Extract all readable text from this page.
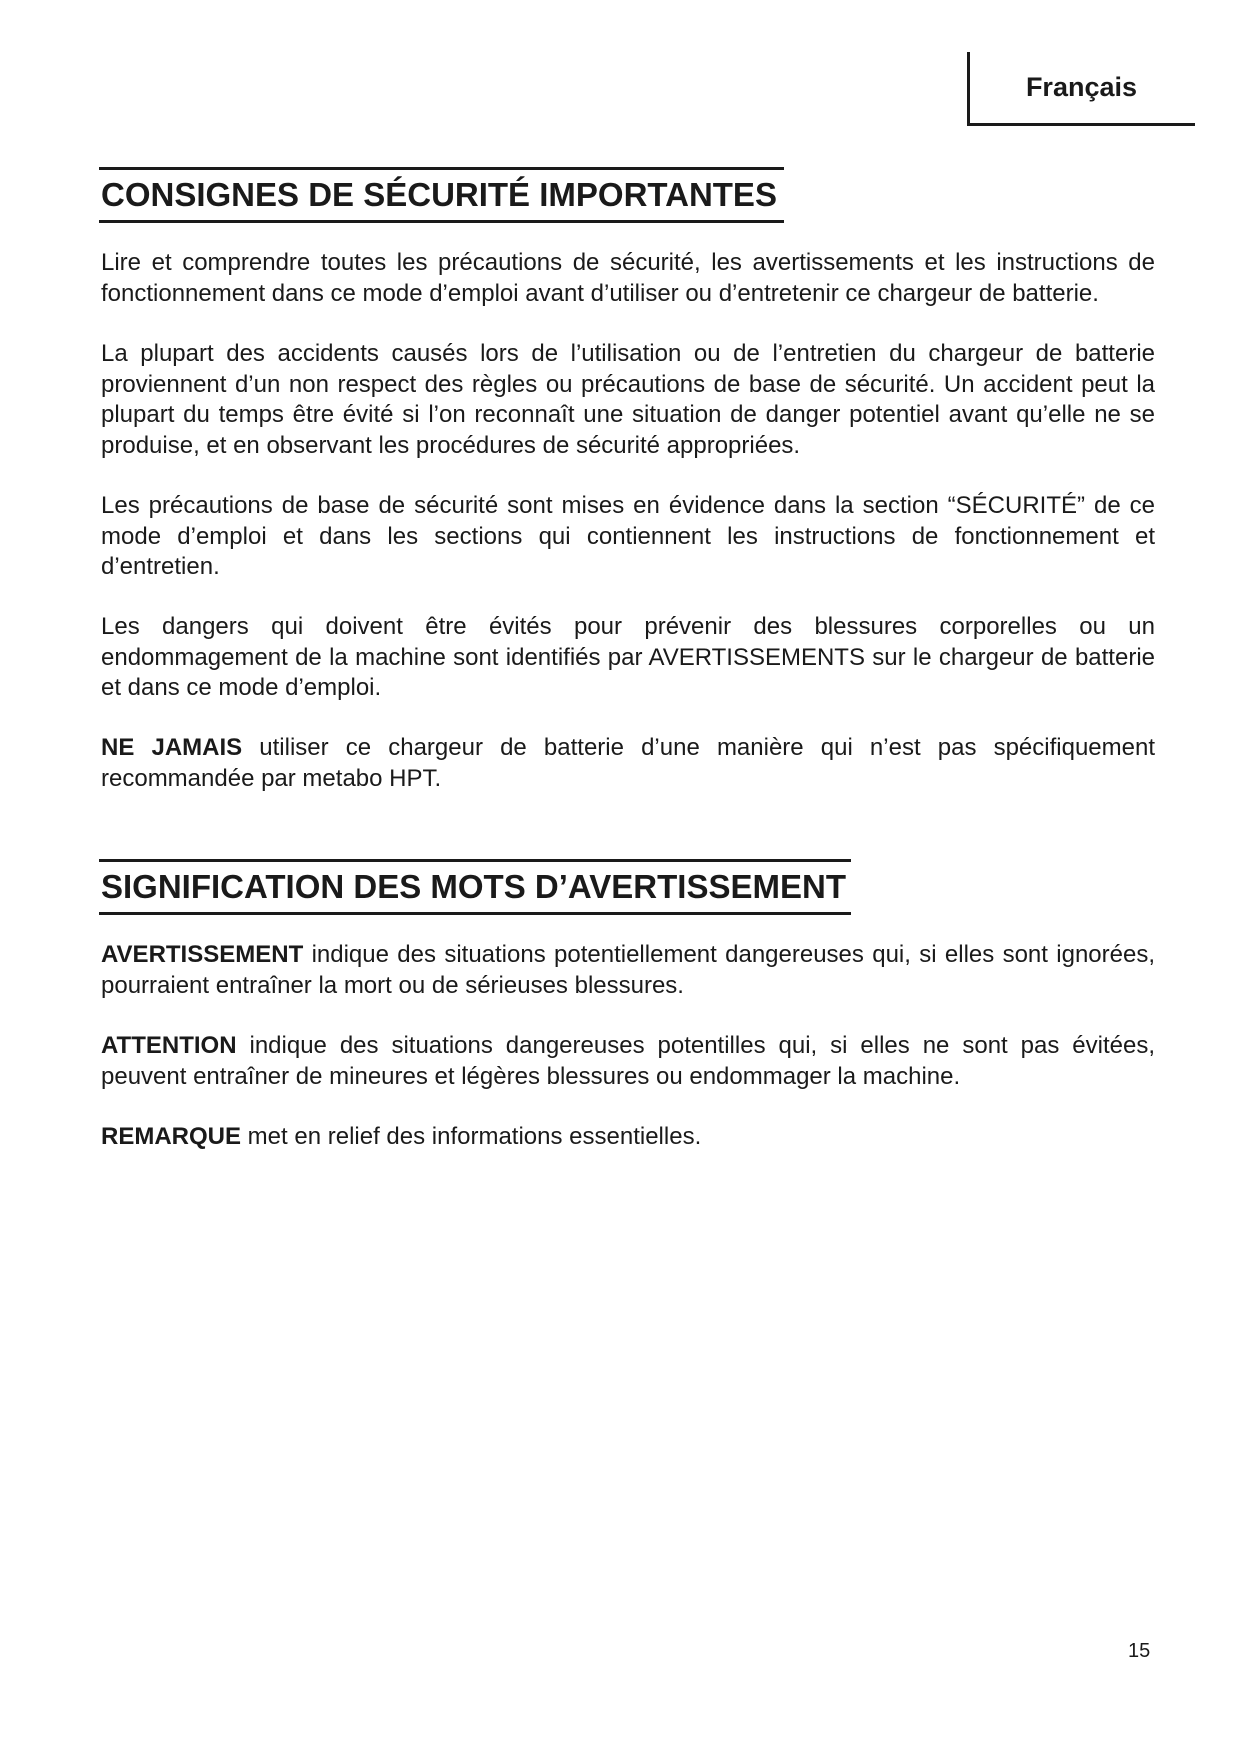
Français
CONSIGNES DE SÉCURITÉ IMPORTANTES

Lire et comprendre toutes les précautions de sécurité, les avertissements et les instructions de fonctionnement dans ce mode d’emploi avant d’utiliser ou d’entretenir ce chargeur de batterie.

La plupart des accidents causés lors de l’utilisation ou de l’entretien du chargeur de batterie proviennent d’un non respect des règles ou précautions de base de sécurité. Un accident peut la plupart du temps être évité si l’on reconnaît une situation de danger potentiel avant qu’elle ne se produise, et en observant les procédures de sécurité appropriées.

Les précautions de base de sécurité sont mises en évidence dans la section “SÉCURITÉ” de ce mode d’emploi et dans les sections qui contiennent les instructions de fonctionnement et d’entretien.

Les dangers qui doivent être évités pour prévenir des blessures corporelles ou un endommagement de la machine sont identifiés par AVERTISSEMENTS sur le chargeur de batterie et dans ce mode d’emploi.

NE JAMAIS utiliser ce chargeur de batterie d’une manière qui n’est pas spécifiquement recommandée par metabo HPT.

SIGNIFICATION DES MOTS D’AVERTISSEMENT

AVERTISSEMENT indique des situations potentiellement dangereuses qui, si elles sont ignorées, pourraient entraîner la mort ou de sérieuses blessures.

ATTENTION indique des situations dangereuses potentilles qui, si elles ne sont pas évitées, peuvent entraîner de mineures et légères blessures ou endommager la machine.

REMARQUE met en relief des informations essentielles.

15
